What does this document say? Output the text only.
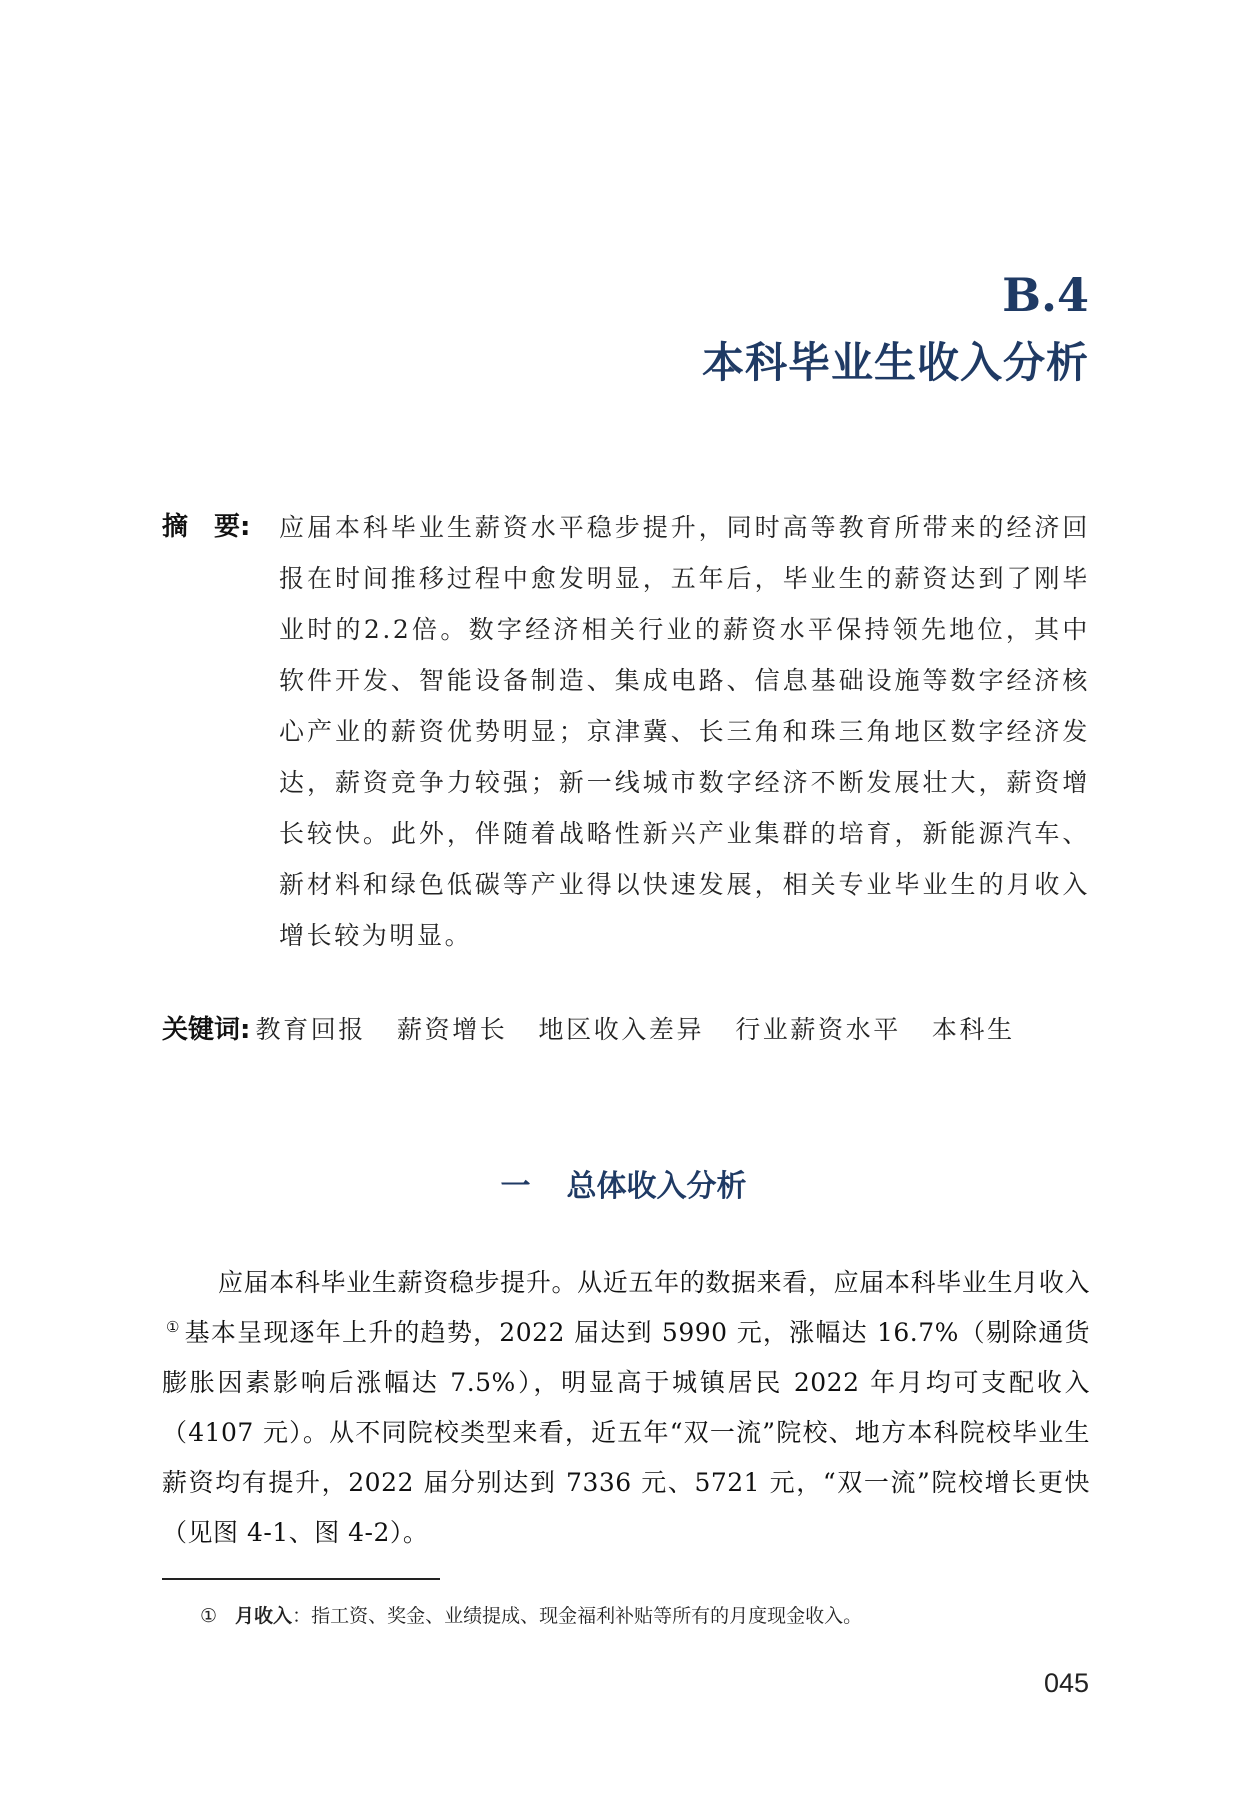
B.4
本科毕业生收入分析
摘　要: 应届本科毕业生薪资水平稳步提升，同时高等教育所带来的经济回报在时间推移过程中愈发明显，五年后，毕业生的薪资达到了刚毕业时的2.2倍。数字经济相关行业的薪资水平保持领先地位，其中软件开发、智能设备制造、集成电路、信息基础设施等数字经济核心产业的薪资优势明显；京津冀、长三角和珠三角地区数字经济发达，薪资竞争力较强；新一线城市数字经济不断发展壮大，薪资增长较快。此外，伴随着战略性新兴产业集群的培育，新能源汽车、新材料和绿色低碳等产业得以快速发展，相关专业毕业生的月收入增长较为明显。
关键词: 教育回报 薪资增长 地区收入差异 行业薪资水平 本科生
一 总体收入分析
应届本科毕业生薪资稳步提升。从近五年的数据来看，应届本科毕业生月收入① 基本呈现逐年上升的趋势，2022 届达到 5990 元，涨幅达 16.7%（剔除通货膨胀因素影响后涨幅达 7.5%），明显高于城镇居民 2022 年月均可支配收入（4107 元）。从不同院校类型来看，近五年“双一流”院校、地方本科院校毕业生薪资均有提升，2022 届分别达到 7336 元、5721 元，“双一流”院校增长更快（见图 4-1、图 4-2）。
① 月收入：指工资、奖金、业绩提成、现金福利补贴等所有的月度现金收入。
045
